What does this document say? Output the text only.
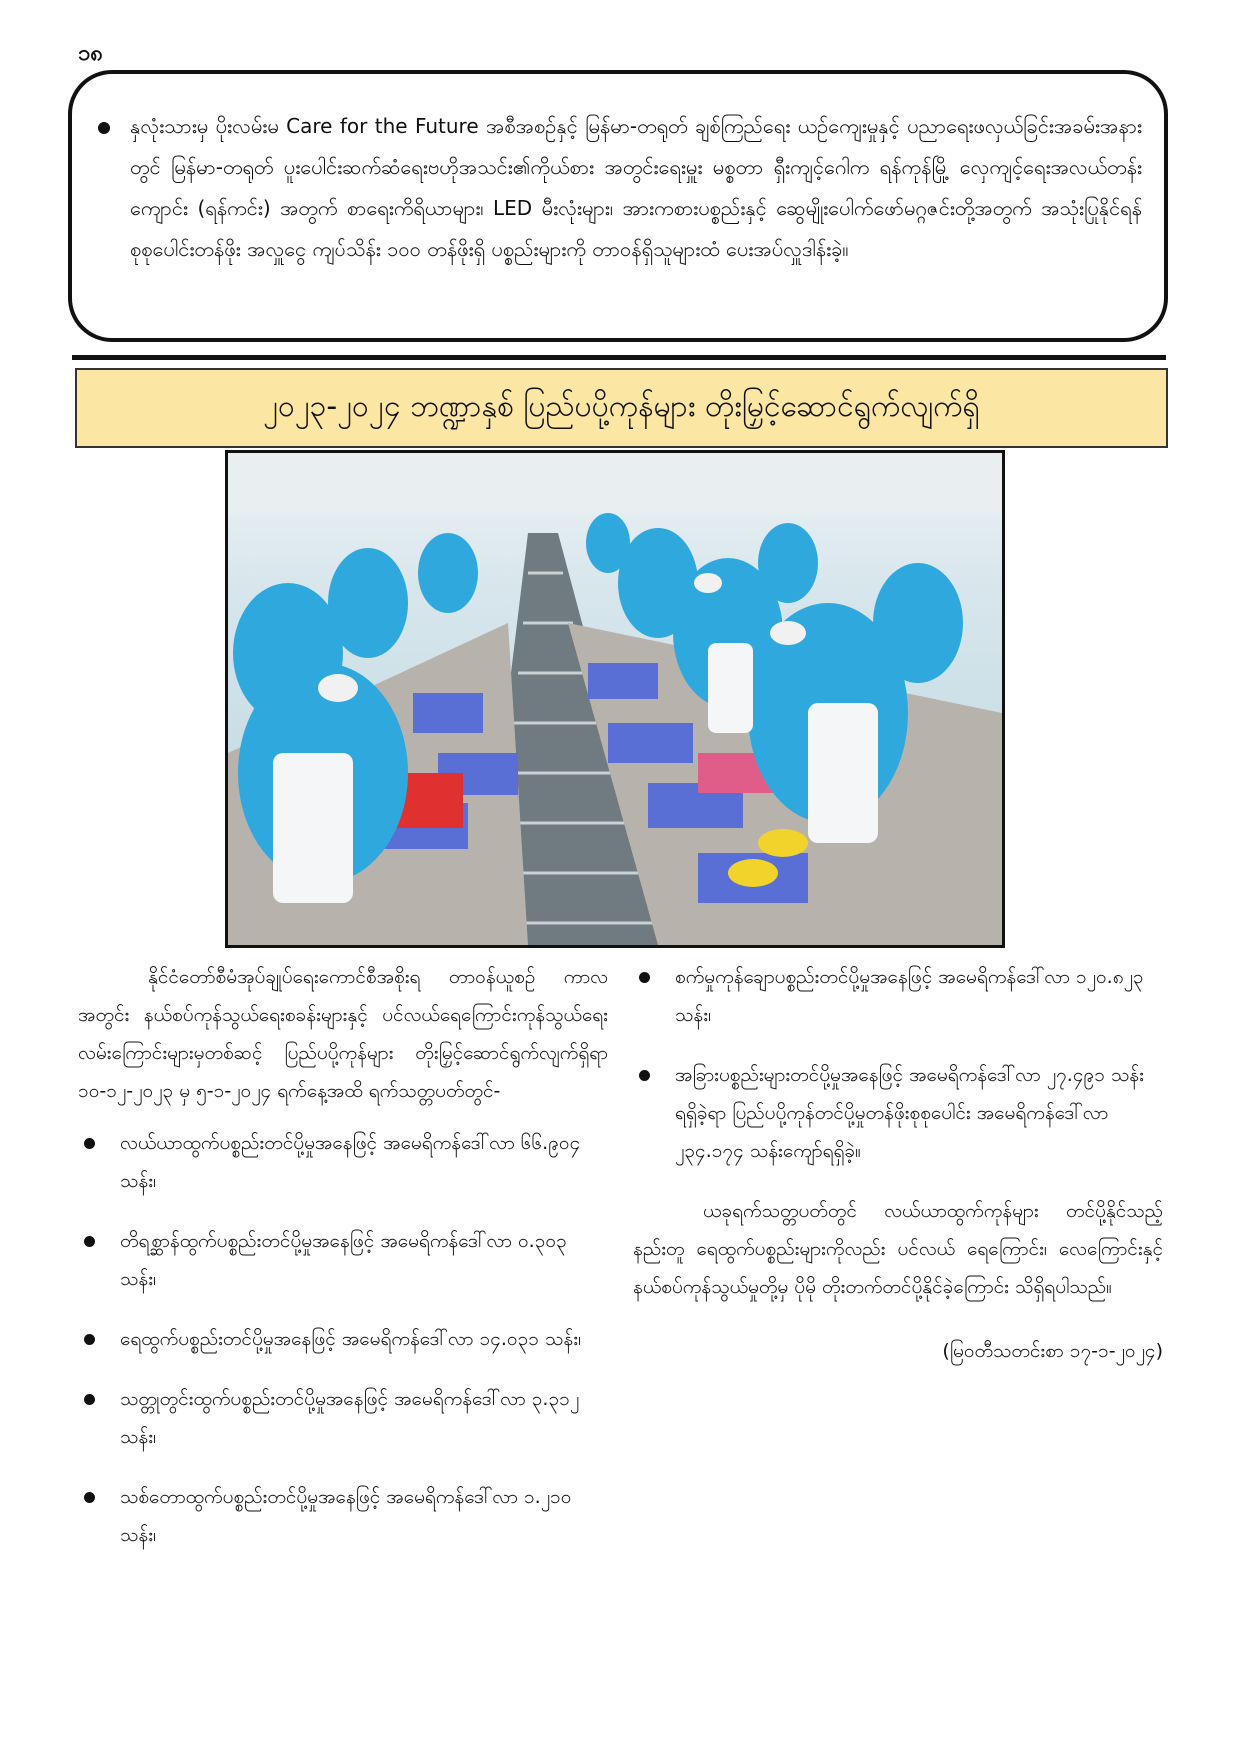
၁၈
နှလုံးသားမှ ပိုးလမ်းမ Care for the Future အစီအစဉ်နှင့် မြန်မာ-တရုတ် ချစ်ကြည်ရေး ယဉ်ကျေးမှုနှင့် ပညာရေးဖလှယ်ခြင်းအခမ်းအနားတွင် မြန်မာ-တရုတ် ပူးပေါင်းဆက်ဆံရေးဗဟိုအသင်း၏ကိုယ်စား အတွင်းရေးမှူး မစ္စတာ ရှီးကျင့်ဂေါက ရန်ကုန်မြို့ လှေကျင့်ရေးအလယ်တန်းကျောင်း (ရန်ကင်း) အတွက် စာရေးကိရိယာများ၊ LED မီးလုံးများ၊ အားကစားပစ္စည်းနှင့် ဆွေမျိုးပေါက်ဖော်မဂ္ဂဇင်းတို့အတွက် အသုံးပြုနိုင်ရန် စုစုပေါင်းတန်ဖိုး အလှူငွေ ကျပ်သိန်း ၁၀၀ တန်ဖိုးရှိ ပစ္စည်းများကို တာဝန်ရှိသူများထံ ပေးအပ်လှူဒါန်းခဲ့။
၂၀၂၃-၂၀၂၄ ဘဏ္ဍာနှစ် ပြည်ပပို့ကုန်များ တိုးမြှင့်ဆောင်ရွက်လျက်ရှိ

နိုင်ငံတော်စီမံအုပ်ချုပ်ရေးကောင်စီအစိုးရ တာဝန်ယူစဉ် ကာလအတွင်း နယ်စပ်ကုန်သွယ်ရေးစခန်းများနှင့် ပင်လယ်ရေကြောင်းကုန်သွယ်ရေးလမ်းကြောင်းများမှတစ်ဆင့် ပြည်ပပို့ကုန်များ တိုးမြှင့်ဆောင်ရွက်လျက်ရှိရာ ၁၀-၁၂-၂၀၂၃ မှ ၅-၁-၂၀၂၄ ရက်နေ့အထိ ရက်သတ္တပတ်တွင်-

လယ်ယာထွက်ပစ္စည်းတင်ပို့မှုအနေဖြင့် အမေရိကန်ဒေါ်လာ ၆၆.၉၀၄ သန်း၊
တိရစ္ဆာန်ထွက်ပစ္စည်းတင်ပို့မှုအနေဖြင့် အမေရိကန်ဒေါ်လာ ၀.၃၀၃ သန်း၊
ရေထွက်ပစ္စည်းတင်ပို့မှုအနေဖြင့် အမေရိကန်ဒေါ်လာ ၁၄.၀၃၁ သန်း၊
သတ္တုတွင်းထွက်ပစ္စည်းတင်ပို့မှုအနေဖြင့် အမေရိကန်ဒေါ်လာ ၃.၃၁၂ သန်း၊
သစ်တောထွက်ပစ္စည်းတင်ပို့မှုအနေဖြင့် အမေရိကန်ဒေါ်လာ ၁.၂၁၀ သန်း၊
စက်မှုကုန်ချောပစ္စည်းတင်ပို့မှုအနေဖြင့် အမေရိကန်ဒေါ်လာ ၁၂၀.၈၂၃ သန်း၊
အခြားပစ္စည်းများတင်ပို့မှုအနေဖြင့် အမေရိကန်ဒေါ်လာ ၂၇.၄၉၁ သန်း ရရှိခဲ့ရာ ပြည်ပပို့ကုန်တင်ပို့မှုတန်ဖိုးစုစုပေါင်း အမေရိကန်ဒေါ်လာ ၂၃၄.၁၇၄ သန်းကျော်ရရှိခဲ့။

ယခုရက်သတ္တပတ်တွင် လယ်ယာထွက်ကုန်များ တင်ပို့နိုင်သည့်နည်းတူ ရေထွက်ပစ္စည်းများကိုလည်း ပင်လယ် ရေကြောင်း၊ လေကြောင်းနှင့် နယ်စပ်ကုန်သွယ်မှုတို့မှ ပိုမို တိုးတက်တင်ပို့နိုင်ခဲ့ကြောင်း သိရှိရပါသည်။

(မြဝတီသတင်းစာ ၁၇-၁-၂၀၂၄)
